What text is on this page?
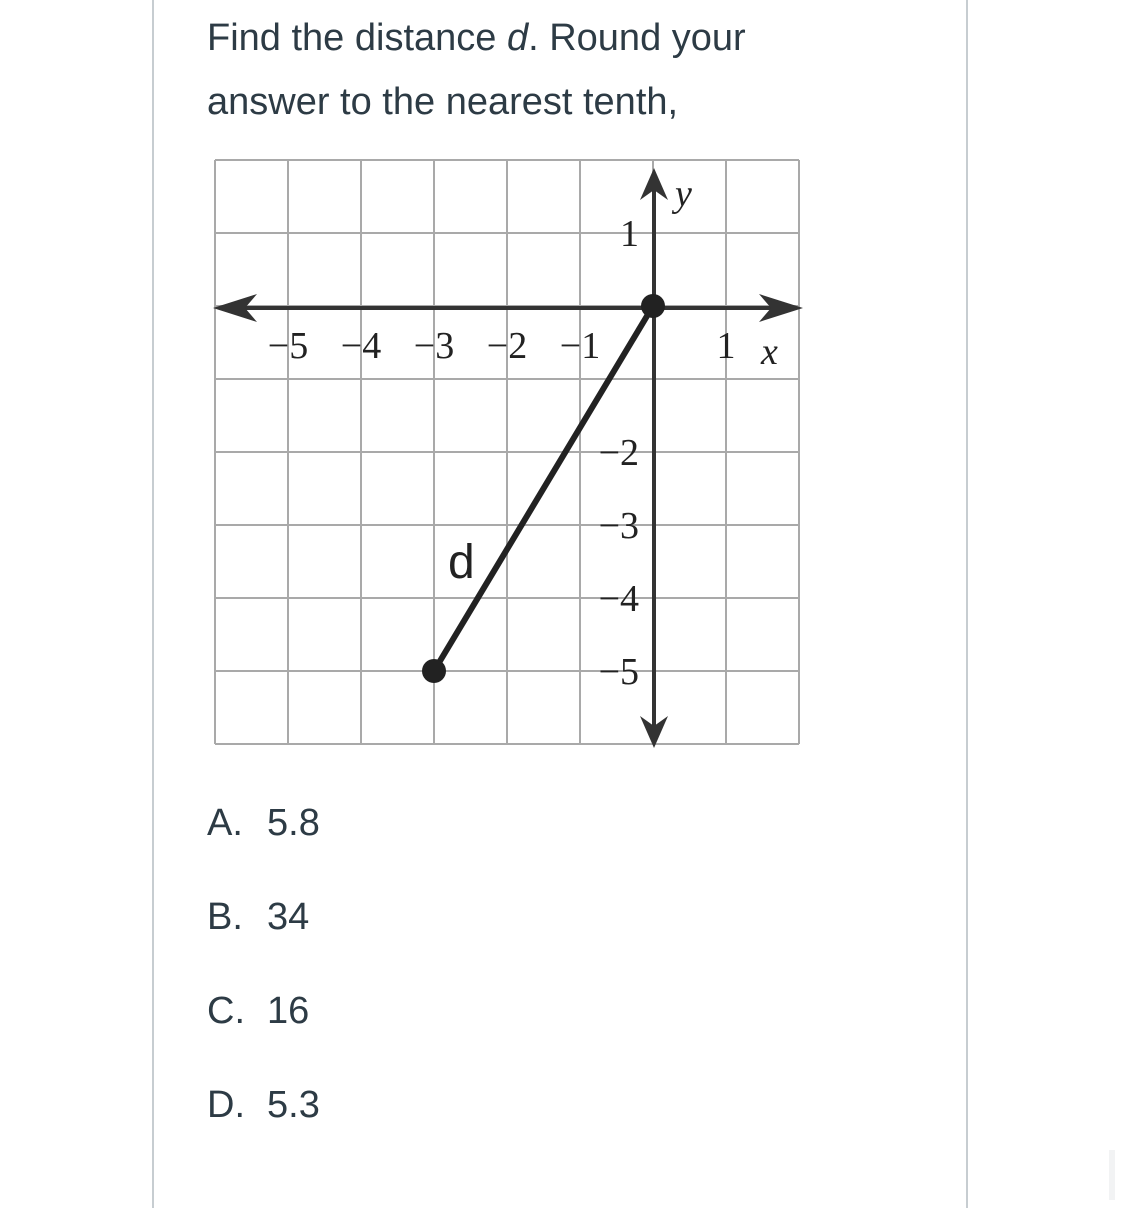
Find the distance d. Round your answer to the nearest tenth,

−5 −4 −3 −2 −1	1
1
−2
−3
−4
−5
y
x
d
A. 5.8
B. 34
C. 16
D. 5.3
